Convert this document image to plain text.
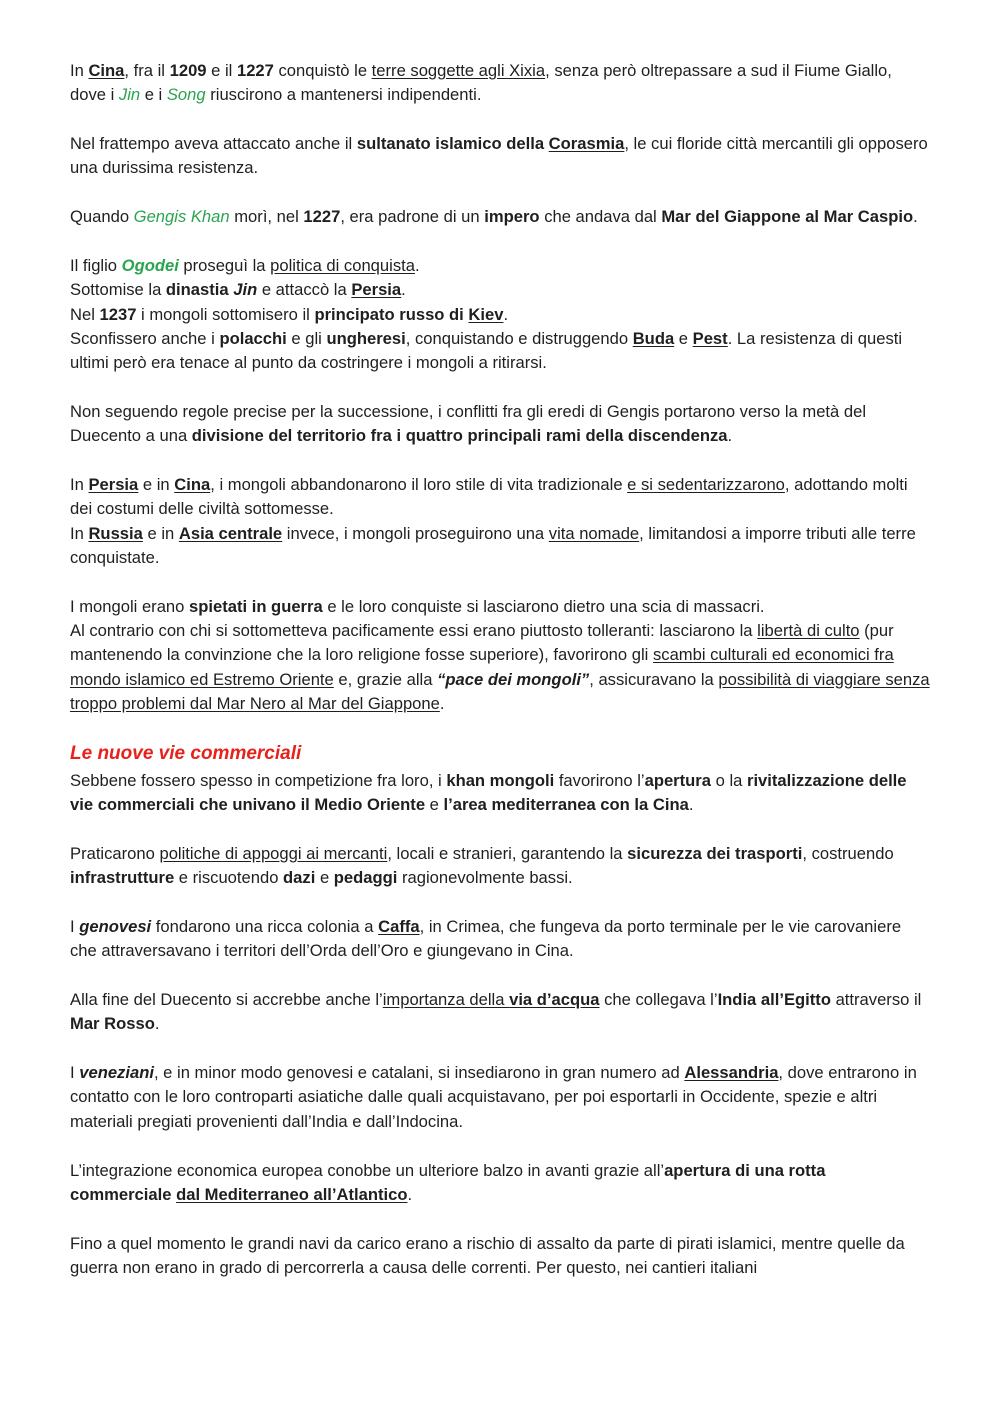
In Cina, fra il 1209 e il 1227 conquistò le terre soggette agli Xixia, senza però oltrepassare a sud il Fiume Giallo, dove i Jin e i Song riuscirono a mantenersi indipendenti.

Nel frattempo aveva attaccato anche il sultanato islamico della Corasmia, le cui floride città mercantili gli opposero una durissima resistenza.

Quando Gengis Khan morì, nel 1227, era padrone di un impero che andava dal Mar del Giappone al Mar Caspio.

Il figlio Ogodei proseguì la politica di conquista.
Sottomise la dinastia Jin e attaccò la Persia.
Nel 1237 i mongoli sottomisero il principato russo di Kiev.
Sconfissero anche i polacchi e gli ungheresi, conquistando e distruggendo Buda e Pest. La resistenza di questi ultimi però era tenace al punto da costringere i mongoli a ritirarsi.

Non seguendo regole precise per la successione, i conflitti fra gli eredi di Gengis portarono verso la metà del Duecento a una divisione del territorio fra i quattro principali rami della discendenza.

In Persia e in Cina, i mongoli abbandonarono il loro stile di vita tradizionale e si sedentarizzarono, adottando molti dei costumi delle civiltà sottomesse.
In Russia e in Asia centrale invece, i mongoli proseguirono una vita nomade, limitandosi a imporre tributi alle terre conquistate.

I mongoli erano spietati in guerra e le loro conquiste si lasciarono dietro una scia di massacri.
Al contrario con chi si sottometteva pacificamente essi erano piuttosto tolleranti: lasciarono la libertà di culto (pur mantenendo la convinzione che la loro religione fosse superiore), favorirono gli scambi culturali ed economici fra mondo islamico ed Estremo Oriente e, grazie alla “pace dei mongoli”, assicuravano la possibilità di viaggiare senza troppo problemi dal Mar Nero al Mar del Giappone.

Le nuove vie commerciali

Sebbene fossero spesso in competizione fra loro, i khan mongoli favorirono l’apertura o la rivitalizzazione delle vie commerciali che univano il Medio Oriente e l’area mediterranea con la Cina.

Praticarono politiche di appoggi ai mercanti, locali e stranieri, garantendo la sicurezza dei trasporti, costruendo infrastrutture e riscuotendo dazi e pedaggi ragionevolmente bassi.

I genovesi fondarono una ricca colonia a Caffa, in Crimea, che fungeva da porto terminale per le vie carovaniere che attraversavano i territori dell’Orda dell’Oro e giungevano in Cina.

Alla fine del Duecento si accrebbe anche l’importanza della via d’acqua che collegava l’India all’Egitto attraverso il Mar Rosso.

I veneziani, e in minor modo genovesi e catalani, si insediarono in gran numero ad Alessandria, dove entrarono in contatto con le loro controparti asiatiche dalle quali acquistavano, per poi esportarli in Occidente, spezie e altri materiali pregiati provenienti dall’India e dall’Indocina.

L’integrazione economica europea conobbe un ulteriore balzo in avanti grazie all’apertura di una rotta commerciale dal Mediterraneo all’Atlantico.

Fino a quel momento le grandi navi da carico erano a rischio di assalto da parte di pirati islamici, mentre quelle da guerra non erano in grado di percorrerla a causa delle correnti. Per questo, nei cantieri italiani
